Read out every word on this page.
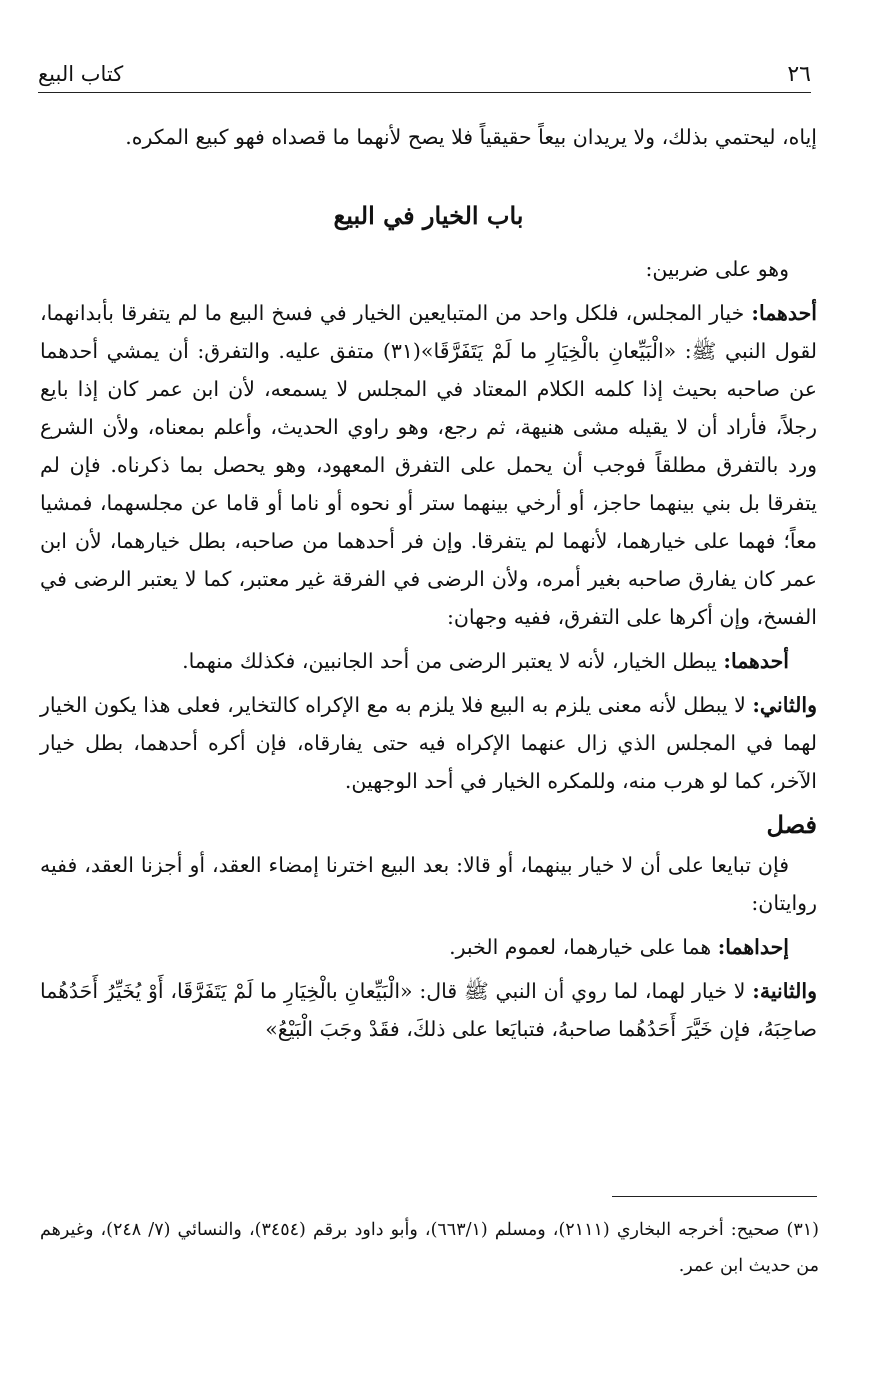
٢٦
كتاب البيع

إياه، ليحتمي بذلك، ولا يريدان بيعاً حقيقياً فلا يصح لأنهما ما قصداه فهو كبيع المكره.

باب الخيار في البيع

وهو على ضربين:

أحدهما: خيار المجلس، فلكل واحد من المتبايعين الخيار في فسخ البيع ما لم يتفرقا بأبدانهما، لقول النبي ﷺ: «الْبَيِّعانِ بالْخِيَارِ ما لَمْ يَتَفَرَّقَا»(٣١) متفق عليه. والتفرق: أن يمشي أحدهما عن صاحبه بحيث إذا كلمه الكلام المعتاد في المجلس لا يسمعه، لأن ابن عمر كان إذا بايع رجلاً، فأراد أن لا يقيله مشى هنيهة، ثم رجع، وهو راوي الحديث، وأعلم بمعناه، ولأن الشرع ورد بالتفرق مطلقاً فوجب أن يحمل على التفرق المعهود، وهو يحصل بما ذكرناه. فإن لم يتفرقا بل بني بينهما حاجز، أو أرخي بينهما ستر أو نحوه أو ناما أو قاما عن مجلسهما، فمشيا معاً؛ فهما على خيارهما، لأنهما لم يتفرقا. وإن فر أحدهما من صاحبه، بطل خيارهما، لأن ابن عمر كان يفارق صاحبه بغير أمره، ولأن الرضى في الفرقة غير معتبر، كما لا يعتبر الرضى في الفسخ، وإن أكرها على التفرق، ففيه وجهان:

أحدهما: يبطل الخيار، لأنه لا يعتبر الرضى من أحد الجانبين، فكذلك منهما.

والثاني: لا يبطل لأنه معنى يلزم به البيع فلا يلزم به مع الإكراه كالتخاير، فعلى هذا يكون الخيار لهما في المجلس الذي زال عنهما الإكراه فيه حتى يفارقاه، فإن أكره أحدهما، بطل خيار الآخر، كما لو هرب منه، وللمكره الخيار في أحد الوجهين.

فصل

فإن تبايعا على أن لا خيار بينهما، أو قالا: بعد البيع اخترنا إمضاء العقد، أو أجزنا العقد، ففيه روايتان:

إحداهما: هما على خيارهما، لعموم الخبر.

والثانية: لا خيار لهما، لما روي أن النبي ﷺ قال: «الْبَيِّعانِ بالْخِيَارِ ما لَمْ يَتَفَرَّقَا، أَوْ يُخَيِّرُ أَحَدُهُما صاحِبَهُ، فإن خَيَّرَ أَحَدُهُما صاحبهُ، فتبايَعا على ذلكَ، فقَدْ وجَبَ الْبَيْعُ»

(٣١) صحيح: أخرجه البخاري (٢١١١)، ومسلم (٦٦٣/١)، وأبو داود برقم (٣٤٥٤)، والنسائي (٧/ ٢٤٨)، وغيرهم من حديث ابن عمر.
